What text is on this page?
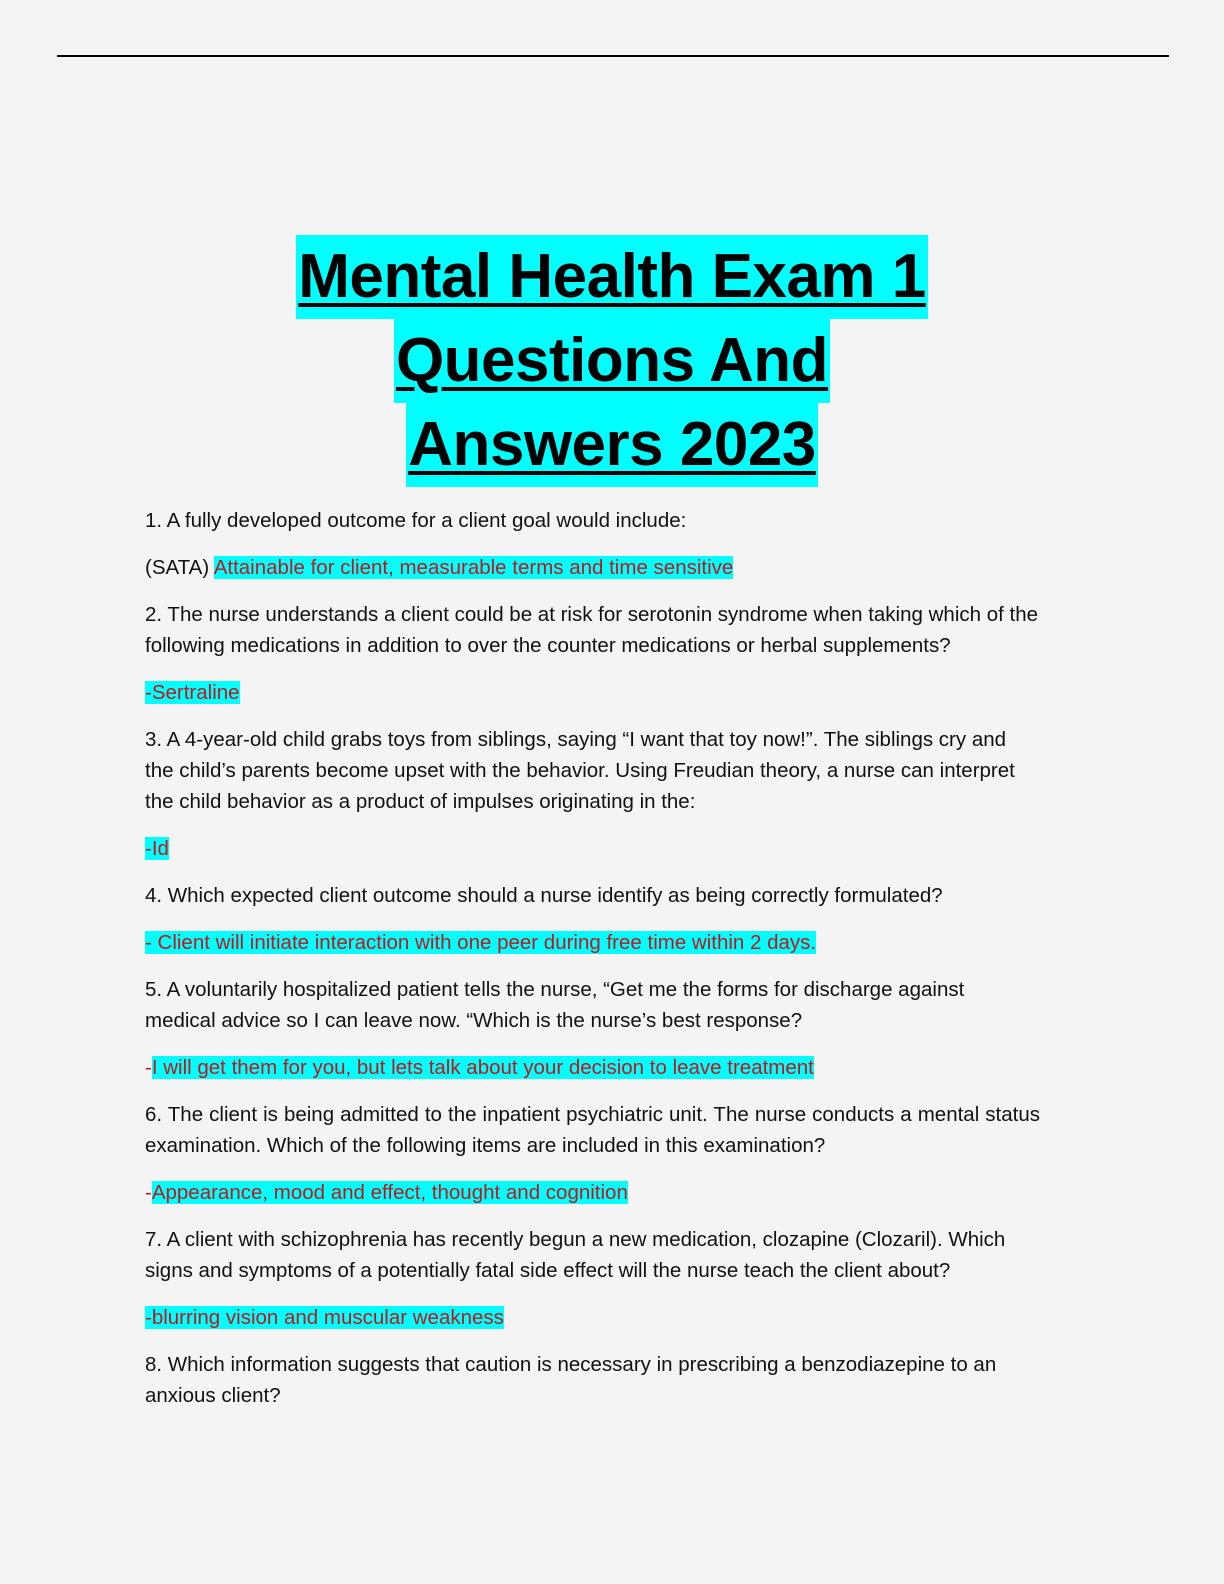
Mental Health Exam 1
Questions And
Answers 2023

1. A fully developed outcome for a client goal would include:

(SATA) Attainable for client, measurable terms and time sensitive

2. The nurse understands a client could be at risk for serotonin syndrome when taking which of the following medications in addition to over the counter medications or herbal supplements?

-Sertraline

3. A 4-year-old child grabs toys from siblings, saying “I want that toy now!”. The siblings cry and the child’s parents become upset with the behavior. Using Freudian theory, a nurse can interpret the child behavior as a product of impulses originating in the:

-Id

4. Which expected client outcome should a nurse identify as being correctly formulated?

- Client will initiate interaction with one peer during free time within 2 days.

5. A voluntarily hospitalized patient tells the nurse, “Get me the forms for discharge against medical advice so I can leave now. “Which is the nurse’s best response?

-I will get them for you, but lets talk about your decision to leave treatment

6. The client is being admitted to the inpatient psychiatric unit. The nurse conducts a mental status examination. Which of the following items are included in this examination?

-Appearance, mood and effect, thought and cognition

7. A client with schizophrenia has recently begun a new medication, clozapine (Clozaril). Which signs and symptoms of a potentially fatal side effect will the nurse teach the client about?

-blurring vision and muscular weakness

8. Which information suggests that caution is necessary in prescribing a benzodiazepine to an anxious client?
